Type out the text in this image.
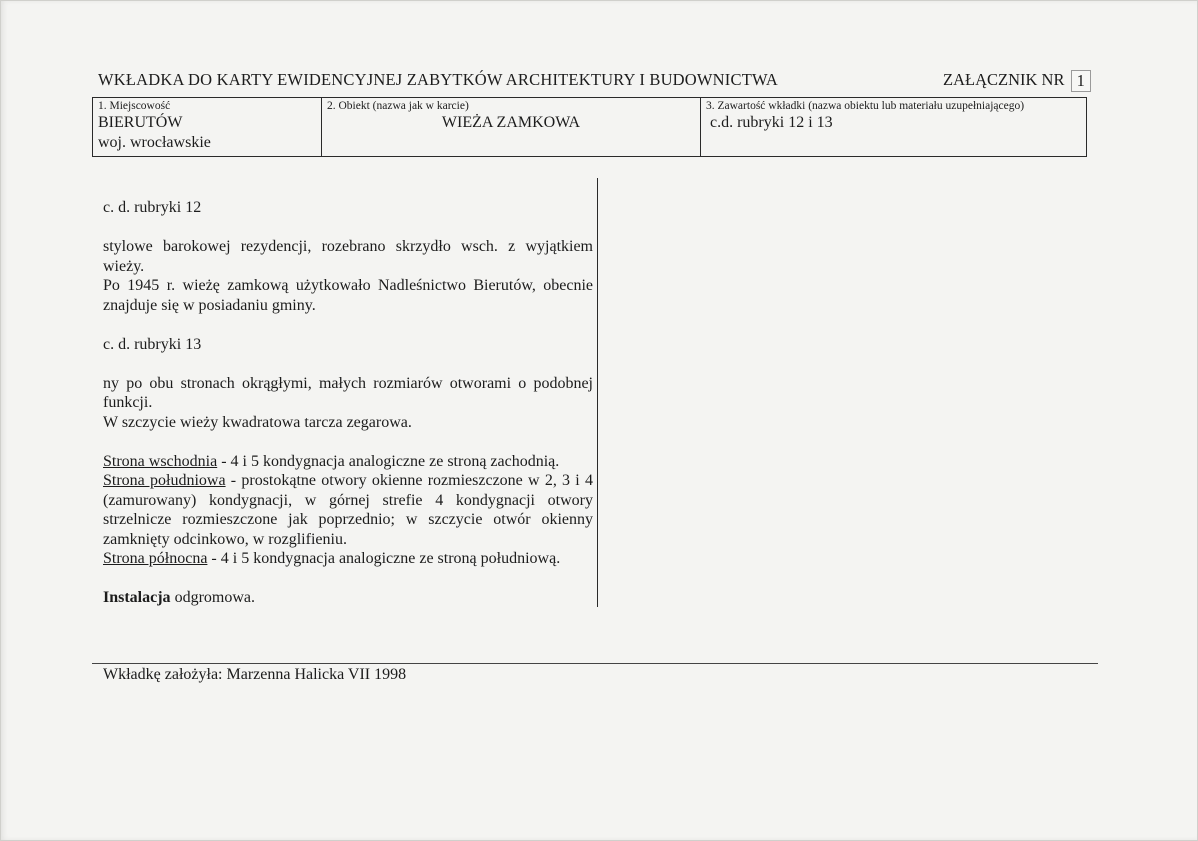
WKŁADKA DO KARTY EWIDENCYJNEJ ZABYTKÓW ARCHITEKTURY I BUDOWNICTWA	ZAŁĄCZNIK NR 1
1. Miejscowość
BIERUTÓW
woj. wrocławskie
2. Obiekt (nazwa jak w karcie)
WIEŻA ZAMKOWA
3. Zawartość wkładki (nazwa obiektu lub materiału uzupełniającego)
c.d. rubryki 12 i 13

c. d. rubryki 12

stylowe barokowej rezydencji, rozebrano skrzydło wsch. z wyjątkiem wieży.

Po 1945 r. wieżę zamkową użytkowało Nadleśnictwo Bierutów, obecnie znajduje się w posiadaniu gminy.

c. d. rubryki 13

ny po obu stronach okrągłymi, małych rozmiarów otworami o podobnej funkcji.

W szczycie wieży kwadratowa tarcza zegarowa.

Strona wschodnia - 4 i 5 kondygnacja analogiczne ze stroną zachodnią.

Strona południowa - prostokątne otwory okienne rozmieszczone w 2, 3 i 4 (zamurowany) kondygnacji, w górnej strefie 4 kondygnacji otwory strzelnicze rozmieszczone jak poprzednio; w szczycie otwór okienny zamknięty odcinkowo, w rozglifieniu.

Strona północna - 4 i 5 kondygnacja analogiczne ze stroną południową.

Instalacja odgromowa.

Wkładkę założyła: Marzenna Halicka VII 1998
